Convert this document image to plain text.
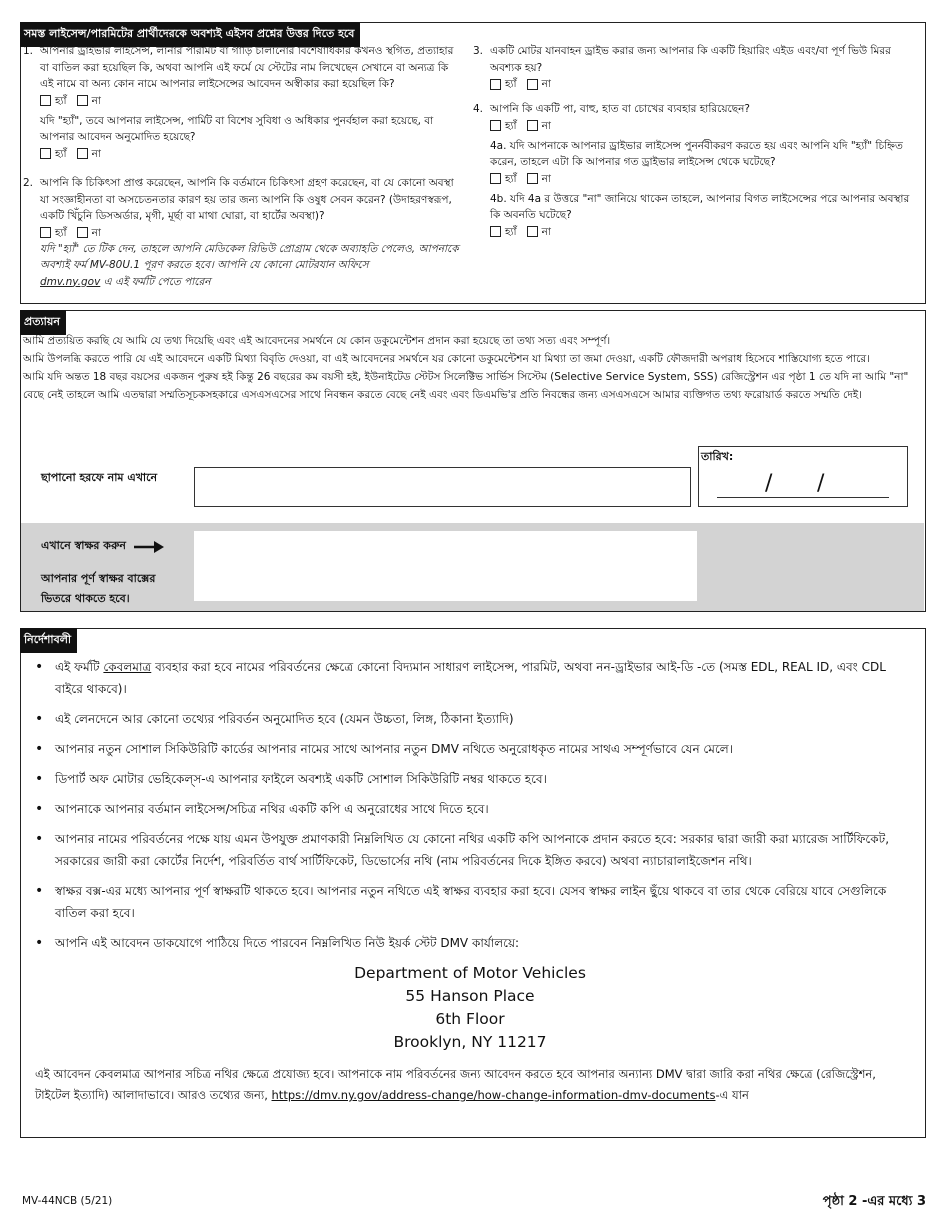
সমস্ত লাইসেন্স/পারমিটের প্রার্থীদেরকে অবশ্যই এইসব প্রশ্নের উত্তর দিতে হবে
1. আপনার ড্রাইভার লাইসেন্স, লার্নার পারমিট বা গাড়ি চালানোর বিশেষাধিকার কখনও স্থগিত, প্রত্যাহার বা বাতিল করা হয়েছিল কি, অথবা আপনি এই ফর্মে যে স্টেটের নাম লিখেছেন সেখানে বা অন্যত্র কি এই নামে বা অন্য কোন নামে আপনার লাইসেন্সের আবেদন অস্বীকার করা হয়েছিল কি?
হ্যাঁ না
যদি "হ্যাঁ", তবে আপনার লাইসেন্স, পার্মিট বা বিশেষ সুবিধা ও অধিকার পুনর্বহাল করা হয়েছে, বা আপনার আবেদন অনুমোদিত হয়েছে?
হ্যাঁ না
2. আপনি কি চিকিৎসা প্রাপ্ত করেছেন, আপনি কি বর্তমানে চিকিৎসা গ্রহণ করেছেন, বা যে কোনো অবস্থা যা সংজ্ঞাহীনতা বা অসচেতনতার কারণ হয় তার জন্য আপনি কি ওষুধ সেবন করেন? (উদাহরণস্বরূপ, একটি খিঁচুনি ডিসঅর্ডার, মৃগী, মূর্ছা বা মাথা ঘোরা, বা হার্টের অবস্থা)?
হ্যাঁ না
যদি "হ্যাঁ" তে টিক দেন, তাহলে আপনি মেডিকেল রিভিউ প্রোগ্রাম থেকে অব্যাহতি পেলেও, আপনাকে অবশ্যই ফর্ম MV-80U.1 পূরণ করতে হবে। আপনি যে কোনো মোটরযান অফিসে
dmv.ny.gov এ এই ফর্মটি পেতে পারেন
3. একটি মোটর যানবাহন ড্রাইভ করার জন্য আপনার কি একটি হিয়ারিং এইড এবং/বা পূর্ণ ভিউ মিরর অবশ্যক হয়?
হ্যাঁ না
4. আপনি কি একটি পা, বাহু, হাত বা চোখের ব্যবহার হারিয়েছেন?
হ্যাঁ না
4a. যদি আপনাকে আপনার ড্রাইভার লাইসেন্স পুনর্নবীকরণ করতে হয় এবং আপনি যদি "হ্যাঁ" চিহ্নিত করেন, তাহলে এটা কি আপনার গত ড্রাইভার লাইসেন্স থেকে ঘটেছে?
হ্যাঁ না
4b. যদি 4a র উত্তরে "না" জানিয়ে থাকেন তাহলে, আপনার বিগত লাইসেন্সের পরে আপনার অবস্থার কি অবনতি ঘটেছে?
হ্যাঁ না
প্রত্যায়ন

আমি প্রত্যয়িত করছি যে আমি যে তথ্য দিয়েছি এবং এই আবেদনের সমর্থনে যে কোন ডকুমেন্টেশন প্রদান করা হয়েছে তা তথ্য সত্য এবং সম্পূর্ণ।

আমি উপলব্ধি করতে পারি যে এই আবেদনে একটি মিথ্যা বিবৃতি দেওয়া, বা এই আবেদনের সমর্থনে যর কোনো ডকুমেন্টেশন যা মিথ্যা তা জমা দেওয়া, একটি ফৌজদারী অপরাধ হিসেবে শাস্তিযোগ্য হতে পারে।

আমি যদি অন্তত 18 বছর বয়সের একজন পুরুষ হই কিন্তু 26 বছরের কম বয়সী হই, ইউনাইটেড স্টেটস সিলেক্টিভ সার্ভিস সিস্টেম (Selective Service System, SSS) রেজিস্ট্রেশন এর পৃষ্ঠা 1 তে যদি না আমি "না" বেছে নেই তাহলে আমি এতদ্বারা সম্মতিসূচকসহকারে এসএসএসের সাথে নিবন্ধন করতে বেছে নেই এবং এবং ডিএমভি'র প্রতি নিবন্ধের জন্য এসএসএসে আমার ব্যক্তিগত তথ্য ফরোয়ার্ড করতে সম্মতি দেই।

ছাপানো হরফে নাম এখানে
তারিখ:
/ /
এখানে স্বাক্ষর করুন
আপনার পূর্ণ স্বাক্ষর বাক্সের ভিতরে থাকতে হবে।
নির্দেশাবলী
• এই ফর্মটি কেবলমাত্র ব্যবহার করা হবে নামের পরিবর্তনের ক্ষেত্রে কোনো বিদ্যমান সাধারণ লাইসেন্স, পারমিট, অথবা নন-ড্রাইভার আই-ডি -তে (সমস্ত EDL, REAL ID, এবং CDL বাইরে থাকবে)।
• এই লেনদেনে আর কোনো তথ্যের পরিবর্তন অনুমোদিত হবে (যেমন উচ্চতা, লিঙ্গ, ঠিকানা ইত্যাদি)
• আপনার নতুন সোশাল সিকিউরিটি কার্ডের আপনার নামের সাথে আপনার নতুন DMV নথিতে অনুরোধকৃত নামের সাথএ সম্পূর্ণভাবে যেন মেলে।
• ডিপার্ট অফ মোটার ভেহিকেল্স-এ আপনার ফাইলে অবশ্যই একটি সোশাল সিকিউরিটি নম্বর থাকতে হবে।
• আপনাকে আপনার বর্তমান লাইসেন্স/সচিত্র নথির একটি কপি এ অনুরোধের সাথে দিতে হবে।
• আপনার নামের পরিবর্তনের পক্ষে যায় এমন উপযুক্ত প্রমাণকারী নিম্নলিখিত যে কোনো নথির একটি কপি আপনাকে প্রদান করতে হবে: সরকার দ্বারা জারী করা ম্যারেজ সার্টিফিকেট, সরকারের জারী করা কোর্টের নির্দেশ, পরিবর্তিত বার্থ সার্টিফিকেট, ডিভোর্সের নথি (নাম পরিবর্তনের দিকে ইঙ্গিত করবে) অথবা ন্যাচারালাইজেশন নথি।
• স্বাক্ষর বক্স-এর মধ্যে আপনার পূর্ণ স্বাক্ষরটি থাকতে হবে। আপনার নতুন নথিতে এই স্বাক্ষর ব্যবহার করা হবে। যেসব স্বাক্ষর লাইন ছুঁয়ে থাকবে বা তার থেকে বেরিয়ে যাবে সেগুলিকে বাতিল করা হবে।
• আপনি এই আবেদন ডাকযোগে পাঠিয়ে দিতে পারবেন নিম্নলিখিত নিউ ইয়র্ক স্টেট DMV কার্যালয়ে:
Department of Motor Vehicles
55 Hanson Place
6th Floor
Brooklyn, NY 11217
এই আবেদন কেবলমাত্র আপনার সচিত্র নথির ক্ষেত্রে প্রযোজ্য হবে। আপনাকে নাম পরিবর্তনের জন্য আবেদন করতে হবে আপনার অন্যান্য DMV দ্বারা জারি করা নথির ক্ষেত্রে (রেজিস্ট্রেশন, টাইটেল ইত্যাদি) আলাদাভাবে। আরও তথ্যের জন্য, https://dmv.ny.gov/address-change/how-change-information-dmv-documents-এ যান
MV-44NCB (5/21)	পৃষ্ঠা 2 -এর মধ্যে 3
